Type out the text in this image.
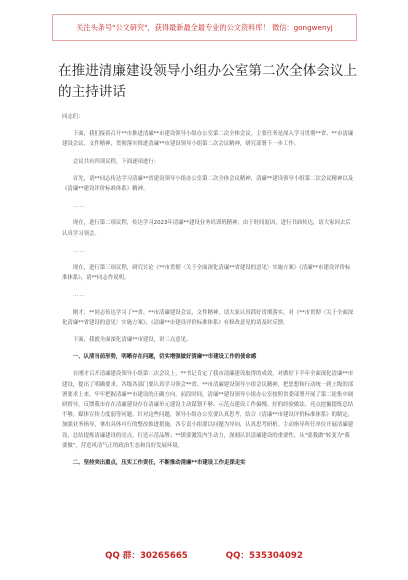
关注头条号"公文研究"，获得最新最全最专业的公文资料库！ 微信：gongwenyj
在推进清廉建设领导小组办公室第二次全体会议上的主持讲话

同志们：

下面，我们接着召开**市推进清廉**市建设领导小组办公室第二次全体会议。主要任务是深入学习贯彻**省、**市清廉建设会议、文件精神，贯彻落实推进清廉**市建设领导小组第二次会议精神，研究部署下一步工作。

会议共有四项议程，下面逐项进行：

首先，请**同志传达学习清廉**省建设领导小组办公室第二次全体会议精神，清廉**建设领导小组第二次会议精神以及《清廉**建设评价标准体系》精神。

……

现在，进行第二项议程，传达学习2023年清廉**建设业务培训班精神，由于时间原因，进行书面传达，请大家回去后认真学习领会。

……

现在，进行第三项议程，研究讨论《**市贯彻〈关于全面深化清廉**省建设的意见〉实施方案》《清廉**市建设评价标准体系》，请**同志作说明。

……

刚才，**同志传达学习了**省、**市清廉建设会议、文件精神，请大家认真抓好贯彻落实。对《**市贯彻〈关于全面深化清廉**省建设的意见〉实施方案》、《清廉**市建设评价标准体系》有修改意见的请及时反馈。

下面，我就全面深化清廉**市建设，讲三点意见。

一、认清当前形势，明晰存在问题，切实增强做好清廉**市建设工作的使命感

在刚才召开清廉建设领导小组第二次会议上，**书记肯定了我市清廉建设取得的成效，对做好下半年全面深化清廉**市建设，提出了明确要求。各级各部门要认真学习领会**省、**市清廉建设领导小组会议精神，把思想和行动统一到上级的部署要求上来，牢牢把握清廉**市建设的正确方向。前段时间，清廉**建设领导小组办公室按照省委部署开展了第二轮集中调研督导，反馈我市存在清廉建设存在清廉单元建设主动谋划不够、示范点建设工作偏慢、好的经验做法、亮点挖掘提炼总结不够，媒体宣传力度弱等问题。针对这些问题，领导小组办公室要认真思考，结合《清廉**市建设评价标准体系》的制定，加强业务指导，拿出具体可行的整改推进措施。各专责小组要以问题为导向，认真思考研析。主动指导所任单位开展清廉建设，总结提炼清廉建设的亮点，打造示范品牌；**镇要激发内生动力，深刻认识清廉建设的重要性，从"要我做"转变为"我要做"，营造风清气正的政治生态和良好发展环境。

二、坚持突出重点，压实工作责任，不断推动清廉**市建设工作走深走实

QQ 群：30265665	QQ：535304092
